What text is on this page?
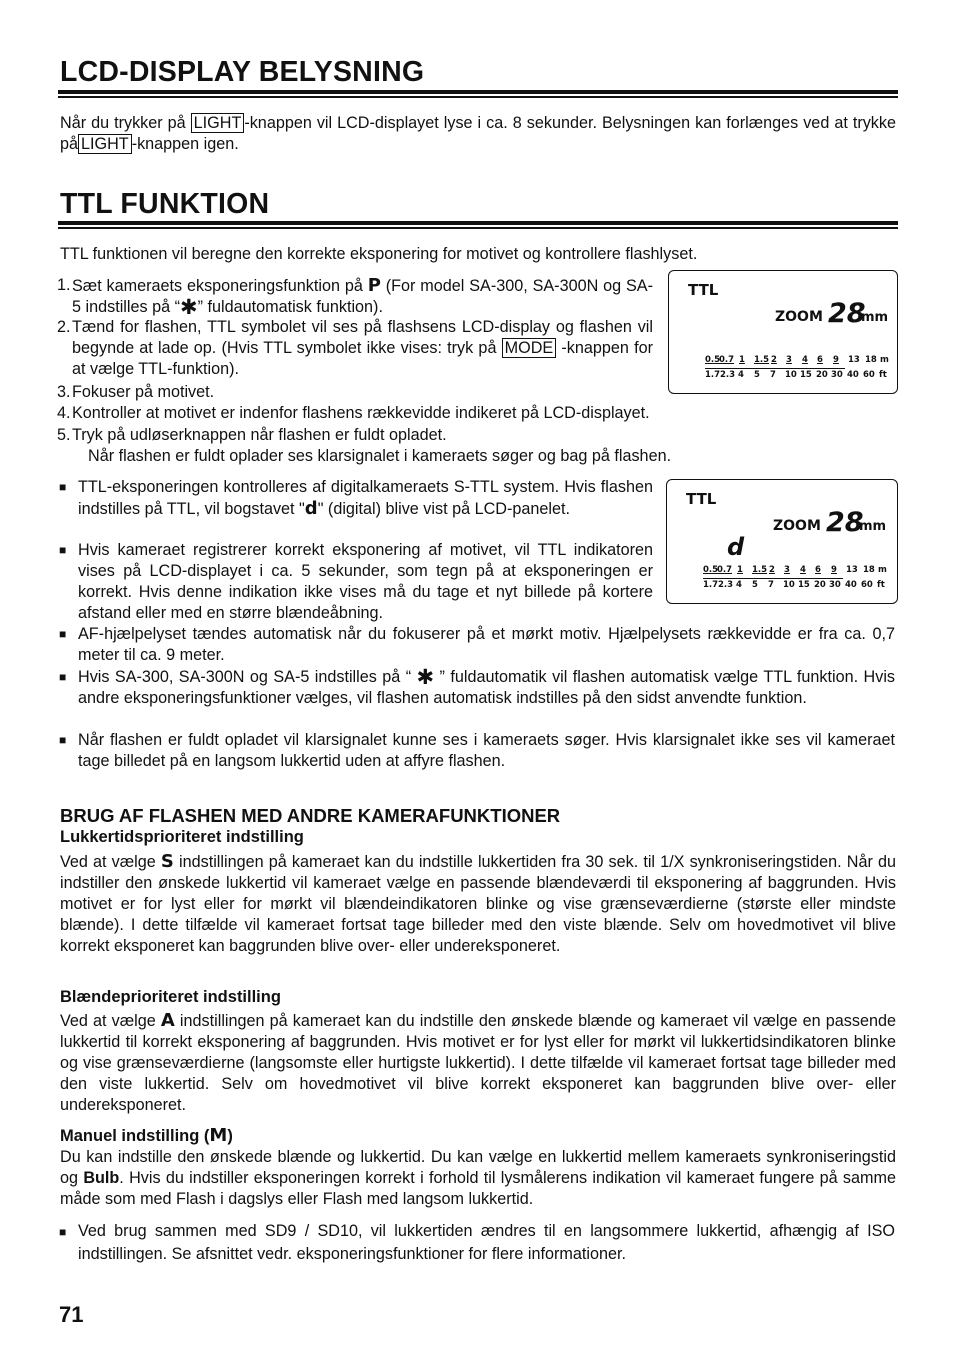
LCD-DISPLAY BELYSNING

Når du trykker på LIGHT -knappen vil LCD-displayet lyse i ca. 8 sekunder. Belysningen kan forlænges ved at trykke på LIGHT -knappen igen.

TTL FUNKTION

TTL funktionen vil beregne den korrekte eksponering for motivet og kontrollere flashlyset.

1. Sæt kameraets eksponeringsfunktion på P (For model SA-300, SA-300N og SA-5 indstilles på “✱” fuldautomatisk funktion).

2. Tænd for flashen, TTL symbolet vil ses på flashsens LCD-display og flashen vil begynde at lade op. (Hvis TTL symbolet ikke vises: tryk på MODE -knappen for at vælge TTL-funktion).

3. Fokuser på motivet.

4. Kontroller at motivet er indenfor flashens rækkevidde indikeret på LCD-displayet.

5. Tryk på udløserknappen når flashen er fuldt opladet.

Når flashen er fuldt oplader ses klarsignalet i kameraets søger og bag på flashen.

TTL
ZOOM 28
mm
0.5
0.7 1 1.5 2 3 4 6 9 13 18 m
1.7 2.3 4 5 7 10 15 20 30 40 60 ft
■ TTL-eksponeringen kontrolleres af digitalkameraets S-TTL system. Hvis flashen indstilles på TTL, vil bogstavet "d" (digital) blive vist på LCD-panelet.

■ Hvis kameraet registrerer korrekt eksponering af motivet, vil TTL indikatoren vises på LCD-displayet i ca. 5 sekunder, som tegn på at eksponeringen er korrekt. Hvis denne indikation ikke vises må du tage et nyt billede på kortere afstand eller med en større blændeåbning.

■ AF-hjælpelyset tændes automatisk når du fokuserer på et mørkt motiv. Hjælpelysets rækkevidde er fra ca. 0,7 meter til ca. 9 meter.

■ Hvis SA-300, SA-300N og SA-5 indstilles på “ ✱ ” fuldautomatik vil flashen automatisk vælge TTL funktion. Hvis andre eksponeringsfunktioner vælges, vil flashen automatisk indstilles på den sidst anvendte funktion.

■ Når flashen er fuldt opladet vil klarsignalet kunne ses i kameraets søger. Hvis klarsignalet ikke ses vil kameraet tage billedet på en langsom lukkertid uden at affyre flashen.

TTL
ZOOM 28
mm
d
0.5
0.7 1 1.5 2 3 4 6 9 13 18 m
1.7 2.3 4 5 7 10 15 20 30 40 60 ft

BRUG AF FLASHEN MED ANDRE KAMERAFUNKTIONER

Lukkertidsprioriteret indstilling

Ved at vælge S indstillingen på kameraet kan du indstille lukkertiden fra 30 sek. til 1/X synkroniseringstiden. Når du indstiller den ønskede lukkertid vil kameraet vælge en passende blændeværdi til eksponering af baggrunden. Hvis motivet er for lyst eller for mørkt vil blændeindikatoren blinke og vise grænseværdierne (største eller mindste blænde). I dette tilfælde vil kameraet fortsat tage billeder med den viste blænde. Selv om hovedmotivet vil blive korrekt eksponeret kan baggrunden blive over- eller undereksponeret.

Blændeprioriteret indstilling

Ved at vælge A indstillingen på kameraet kan du indstille den ønskede blænde og kameraet vil vælge en passende lukkertid til korrekt eksponering af baggrunden. Hvis motivet er for lyst eller for mørkt vil lukkertidsindikatoren blinke og vise grænseværdierne (langsomste eller hurtigste lukkertid). I dette tilfælde vil kameraet fortsat tage billeder med den viste lukkertid. Selv om hovedmotivet vil blive korrekt eksponeret kan baggrunden blive over- eller undereksponeret.

Manuel indstilling (M)

Du kan indstille den ønskede blænde og lukkertid. Du kan vælge en lukkertid mellem kameraets synkroniseringstid og Bulb. Hvis du indstiller eksponeringen korrekt i forhold til lysmålerens indikation vil kameraet fungere på samme måde som med Flash i dagslys eller Flash med langsom lukkertid.

■ Ved brug sammen med SD9 / SD10, vil lukkertiden ændres til en langsommere lukkertid, afhængig af ISO indstillingen. Se afsnittet vedr. eksponeringsfunktioner for flere informationer.

71
